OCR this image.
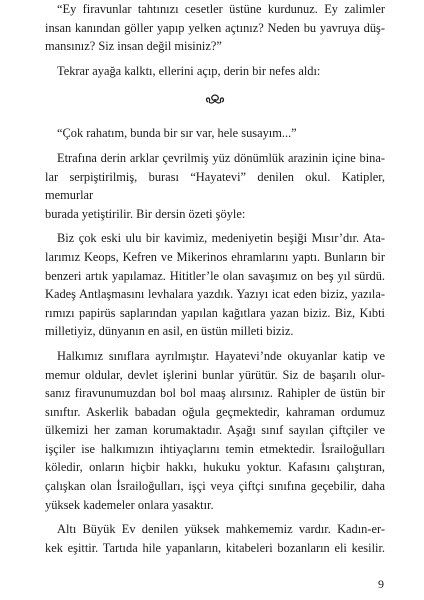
“Ey firavunlar tahtınızı cesetler üstüne kurdunuz. Ey zalimler
insan kanından göller yapıp yelken açtınız? Neden bu yavruya düş-
mansınız? Siz insan değil misiniz?”

Tekrar ayağa kalktı, ellerini açıp, derin bir nefes aldı:

“Çok rahatım, bunda bir sır var, hele susayım...”

Etrafına derin arklar çevrilmiş yüz dönümlük arazinin içine bina-
lar serpiştirilmiş, burası “Hayatevi” denilen okul. Katipler, memurlar
burada yetiştirilir. Bir dersin özeti şöyle:

Biz çok eski ulu bir kavimiz, medeniyetin beşiği Mısır’dır. Ata-
larımız Keops, Kefren ve Mikerinos ehramlarını yaptı. Bunların bir
benzeri artık yapılamaz. Hititler’le olan savaşımız on beş yıl sürdü.
Kadeş Antlaşmasını levhalara yazdık. Yazıyı icat eden biziz, yazıla-
rımızı papirüs saplarından yapılan kağıtlara yazan biziz. Biz, Kıbti
milletiyiz, dünyanın en asil, en üstün milleti biziz.

Halkımız sınıflara ayrılmıştır. Hayatevi’nde okuyanlar katip ve
memur oldular, devlet işlerini bunlar yürütür. Siz de başarılı olur-
sanız firavunumuzdan bol bol maaş alırsınız. Rahipler de üstün bir
sınıftır. Askerlik babadan oğula geçmektedir, kahraman ordumuz
ülkemizi her zaman korumaktadır. Aşağı sınıf sayılan çiftçiler ve
işçiler ise halkımızın ihtiyaçlarını temin etmektedir. İsrailoğulları
köledir, onların hiçbir hakkı, hukuku yoktur. Kafasını çalıştıran,
çalışkan olan İsrailoğulları, işçi veya çiftçi sınıfına geçebilir, daha
yüksek kademeler onlara yasaktır.

Altı Büyük Ev denilen yüksek mahkememiz vardır. Kadın-er-
kek eşittir. Tartıda hile yapanların, kitabeleri bozanların eli kesilir.

9
